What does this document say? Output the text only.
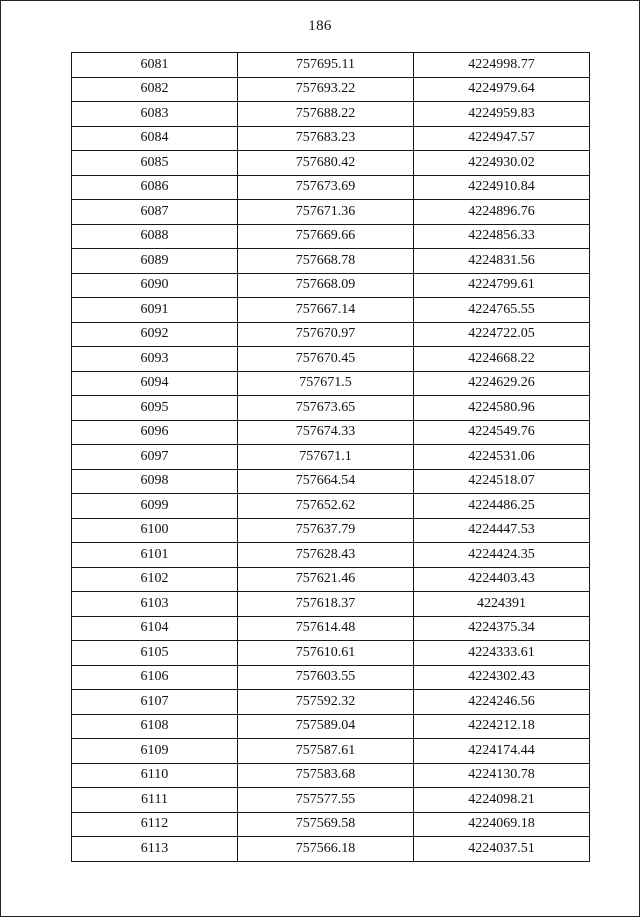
186
6081	757695.11	4224998.77
6082	757693.22	4224979.64
6083	757688.22	4224959.83
6084	757683.23	4224947.57
6085	757680.42	4224930.02
6086	757673.69	4224910.84
6087	757671.36	4224896.76
6088	757669.66	4224856.33
6089	757668.78	4224831.56
6090	757668.09	4224799.61
6091	757667.14	4224765.55
6092	757670.97	4224722.05
6093	757670.45	4224668.22
6094	757671.5	4224629.26
6095	757673.65	4224580.96
6096	757674.33	4224549.76
6097	757671.1	4224531.06
6098	757664.54	4224518.07
6099	757652.62	4224486.25
6100	757637.79	4224447.53
6101	757628.43	4224424.35
6102	757621.46	4224403.43
6103	757618.37	4224391
6104	757614.48	4224375.34
6105	757610.61	4224333.61
6106	757603.55	4224302.43
6107	757592.32	4224246.56
6108	757589.04	4224212.18
6109	757587.61	4224174.44
6110	757583.68	4224130.78
6111	757577.55	4224098.21
6112	757569.58	4224069.18
6113	757566.18	4224037.51
